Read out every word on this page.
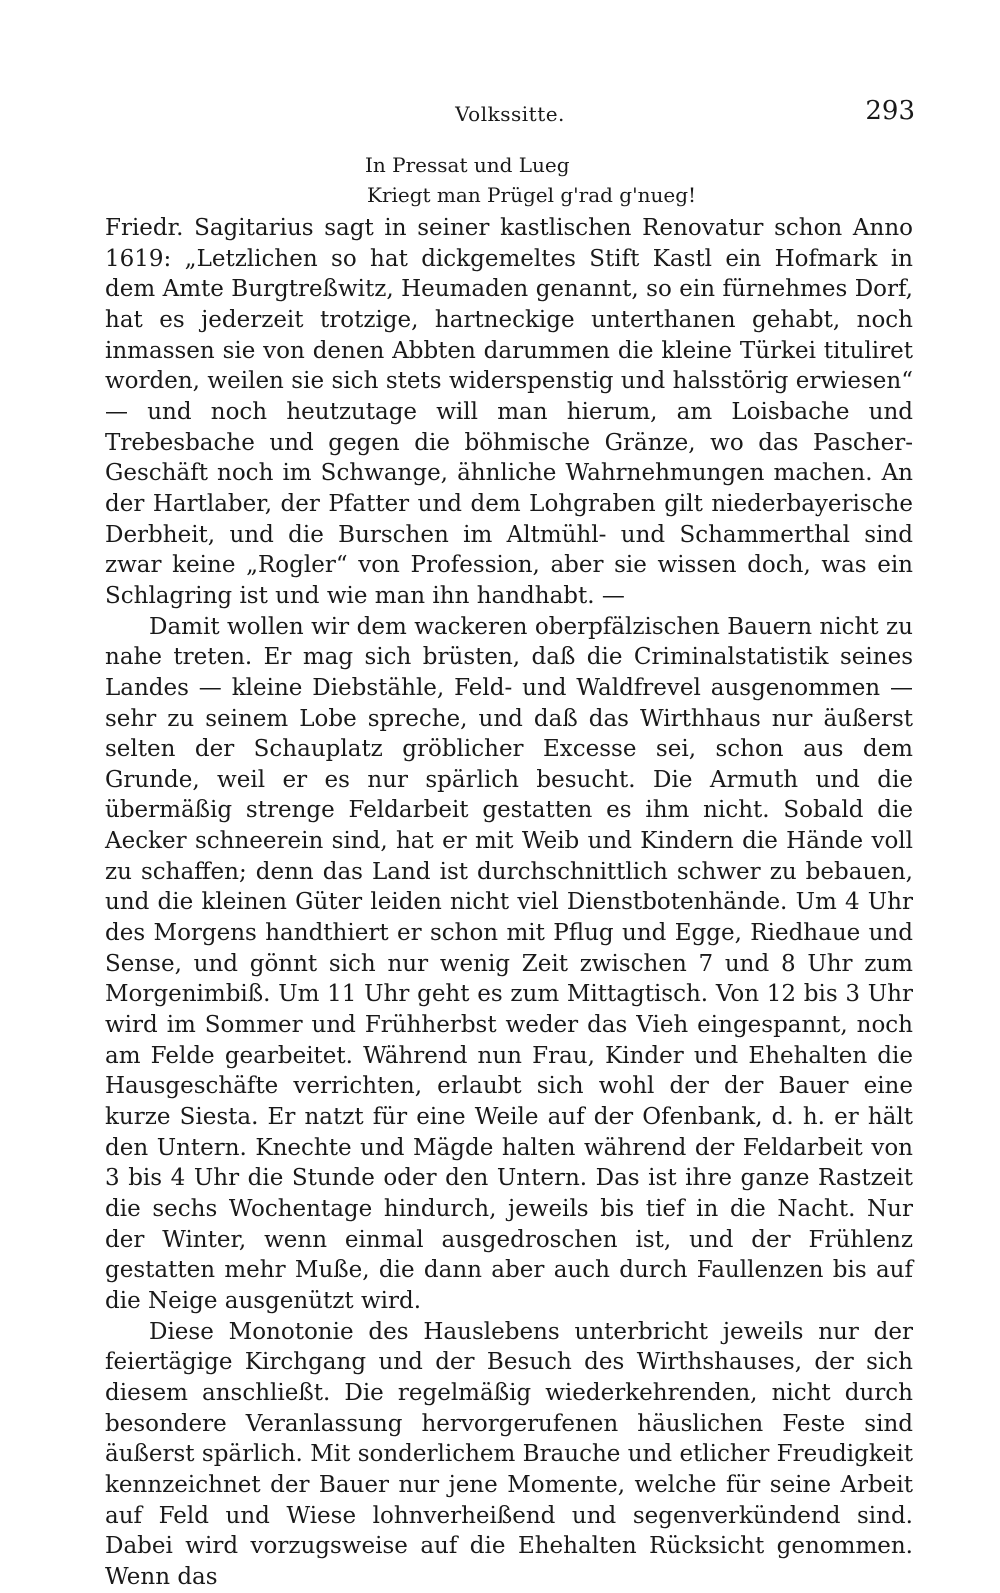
Volkssitte.	293
In Pressat und Lueg
Kriegt man Prügel g'rad g'nueg!

Friedr. Sagitarius sagt in seiner kastlischen Renovatur schon Anno 1619: „Letzlichen so hat dickgemeltes Stift Kastl ein Hofmark in dem Amte Burgtreßwitz, Heumaden genannt, so ein fürnehmes Dorf, hat es jederzeit trotzige, hartneckige unterthanen gehabt, noch inmassen sie von denen Abbten darummen die kleine Türkei tituliret worden, weilen sie sich stets widerspenstig und halsstörig erwiesen“ — und noch heutzutage will man hierum, am Loisbache und Trebesbache und gegen die böhmische Gränze, wo das Pascher-Geschäft noch im Schwange, ähnliche Wahrnehmungen machen. An der Hartlaber, der Pfatter und dem Lohgraben gilt niederbayerische Derbheit, und die Burschen im Altmühl- und Schammerthal sind zwar keine „Rogler“ von Profession, aber sie wissen doch, was ein Schlagring ist und wie man ihn handhabt. —

Damit wollen wir dem wackeren oberpfälzischen Bauern nicht zu nahe treten. Er mag sich brüsten, daß die Criminalstatistik seines Landes — kleine Diebstähle, Feld- und Waldfrevel ausgenommen — sehr zu seinem Lobe spreche, und daß das Wirthhaus nur äußerst selten der Schauplatz gröblicher Excesse sei, schon aus dem Grunde, weil er es nur spärlich besucht. Die Armuth und die übermäßig strenge Feldarbeit gestatten es ihm nicht. Sobald die Aecker schneerein sind, hat er mit Weib und Kindern die Hände voll zu schaffen; denn das Land ist durchschnittlich schwer zu bebauen, und die kleinen Güter leiden nicht viel Dienstbotenhände. Um 4 Uhr des Morgens handthiert er schon mit Pflug und Egge, Riedhaue und Sense, und gönnt sich nur wenig Zeit zwischen 7 und 8 Uhr zum Morgenimbiß. Um 11 Uhr geht es zum Mittagtisch. Von 12 bis 3 Uhr wird im Sommer und Frühherbst weder das Vieh eingespannt, noch am Felde gearbeitet. Während nun Frau, Kinder und Ehehalten die Hausgeschäfte verrichten, erlaubt sich wohl der der Bauer eine kurze Siesta. Er natzt für eine Weile auf der Ofenbank, d. h. er hält den Untern. Knechte und Mägde halten während der Feldarbeit von 3 bis 4 Uhr die Stunde oder den Untern. Das ist ihre ganze Rastzeit die sechs Wochentage hindurch, jeweils bis tief in die Nacht. Nur der Winter, wenn einmal ausgedroschen ist, und der Frühlenz gestatten mehr Muße, die dann aber auch durch Faullenzen bis auf die Neige ausgenützt wird.

Diese Monotonie des Hauslebens unterbricht jeweils nur der feiertägige Kirchgang und der Besuch des Wirthshauses, der sich diesem anschließt. Die regelmäßig wiederkehrenden, nicht durch besondere Veranlassung hervorgerufenen häuslichen Feste sind äußerst spärlich. Mit sonderlichem Brauche und etlicher Freudigkeit kennzeichnet der Bauer nur jene Momente, welche für seine Arbeit auf Feld und Wiese lohnverheißend und segenverkündend sind. Dabei wird vorzugsweise auf die Ehehalten Rücksicht genommen. Wenn das
